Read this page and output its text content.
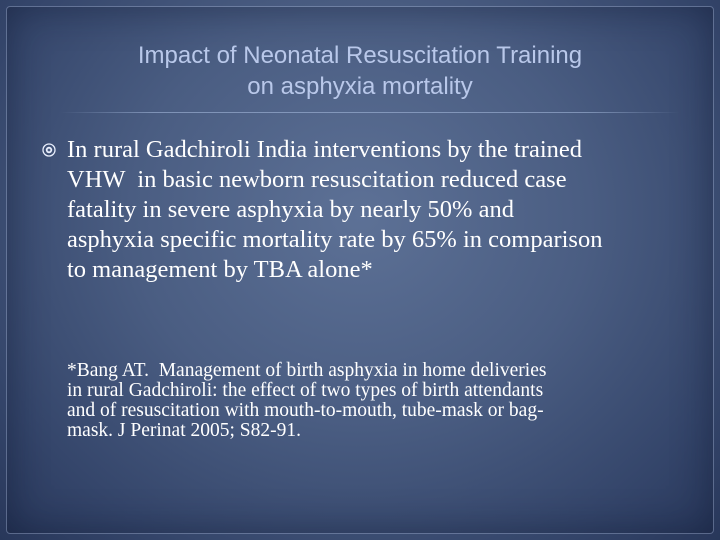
Impact of Neonatal Resuscitation Training
on asphyxia mortality
In rural Gadchiroli India interventions by the trained
VHW  in basic newborn resuscitation reduced case
fatality in severe asphyxia by nearly 50% and
asphyxia specific mortality rate by 65% in comparison
to management by TBA alone*
*Bang AT.  Management of birth asphyxia in home deliveries
in rural Gadchiroli: the effect of two types of birth attendants
and of resuscitation with mouth-to-mouth, tube-mask or bag-
mask. J Perinat 2005; S82-91.
